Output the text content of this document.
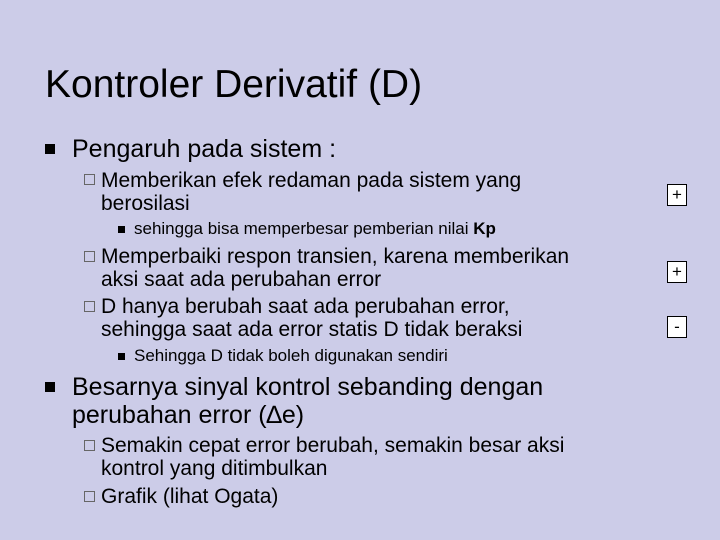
Kontroler Derivatif (D)
Pengaruh pada sistem :
Memberikan efek redaman pada sistem yang
berosilasi
sehingga bisa memperbesar pemberian nilai Kp
Memperbaiki respon transien, karena memberikan
aksi saat ada perubahan error
D hanya berubah saat ada perubahan error,
sehingga saat ada error statis D tidak beraksi
Sehingga D tidak boleh digunakan sendiri
Besarnya sinyal kontrol sebanding dengan
perubahan error (∆e)
Semakin cepat error berubah, semakin besar aksi
kontrol yang ditimbulkan
Grafik (lihat Ogata)
+
+
-
